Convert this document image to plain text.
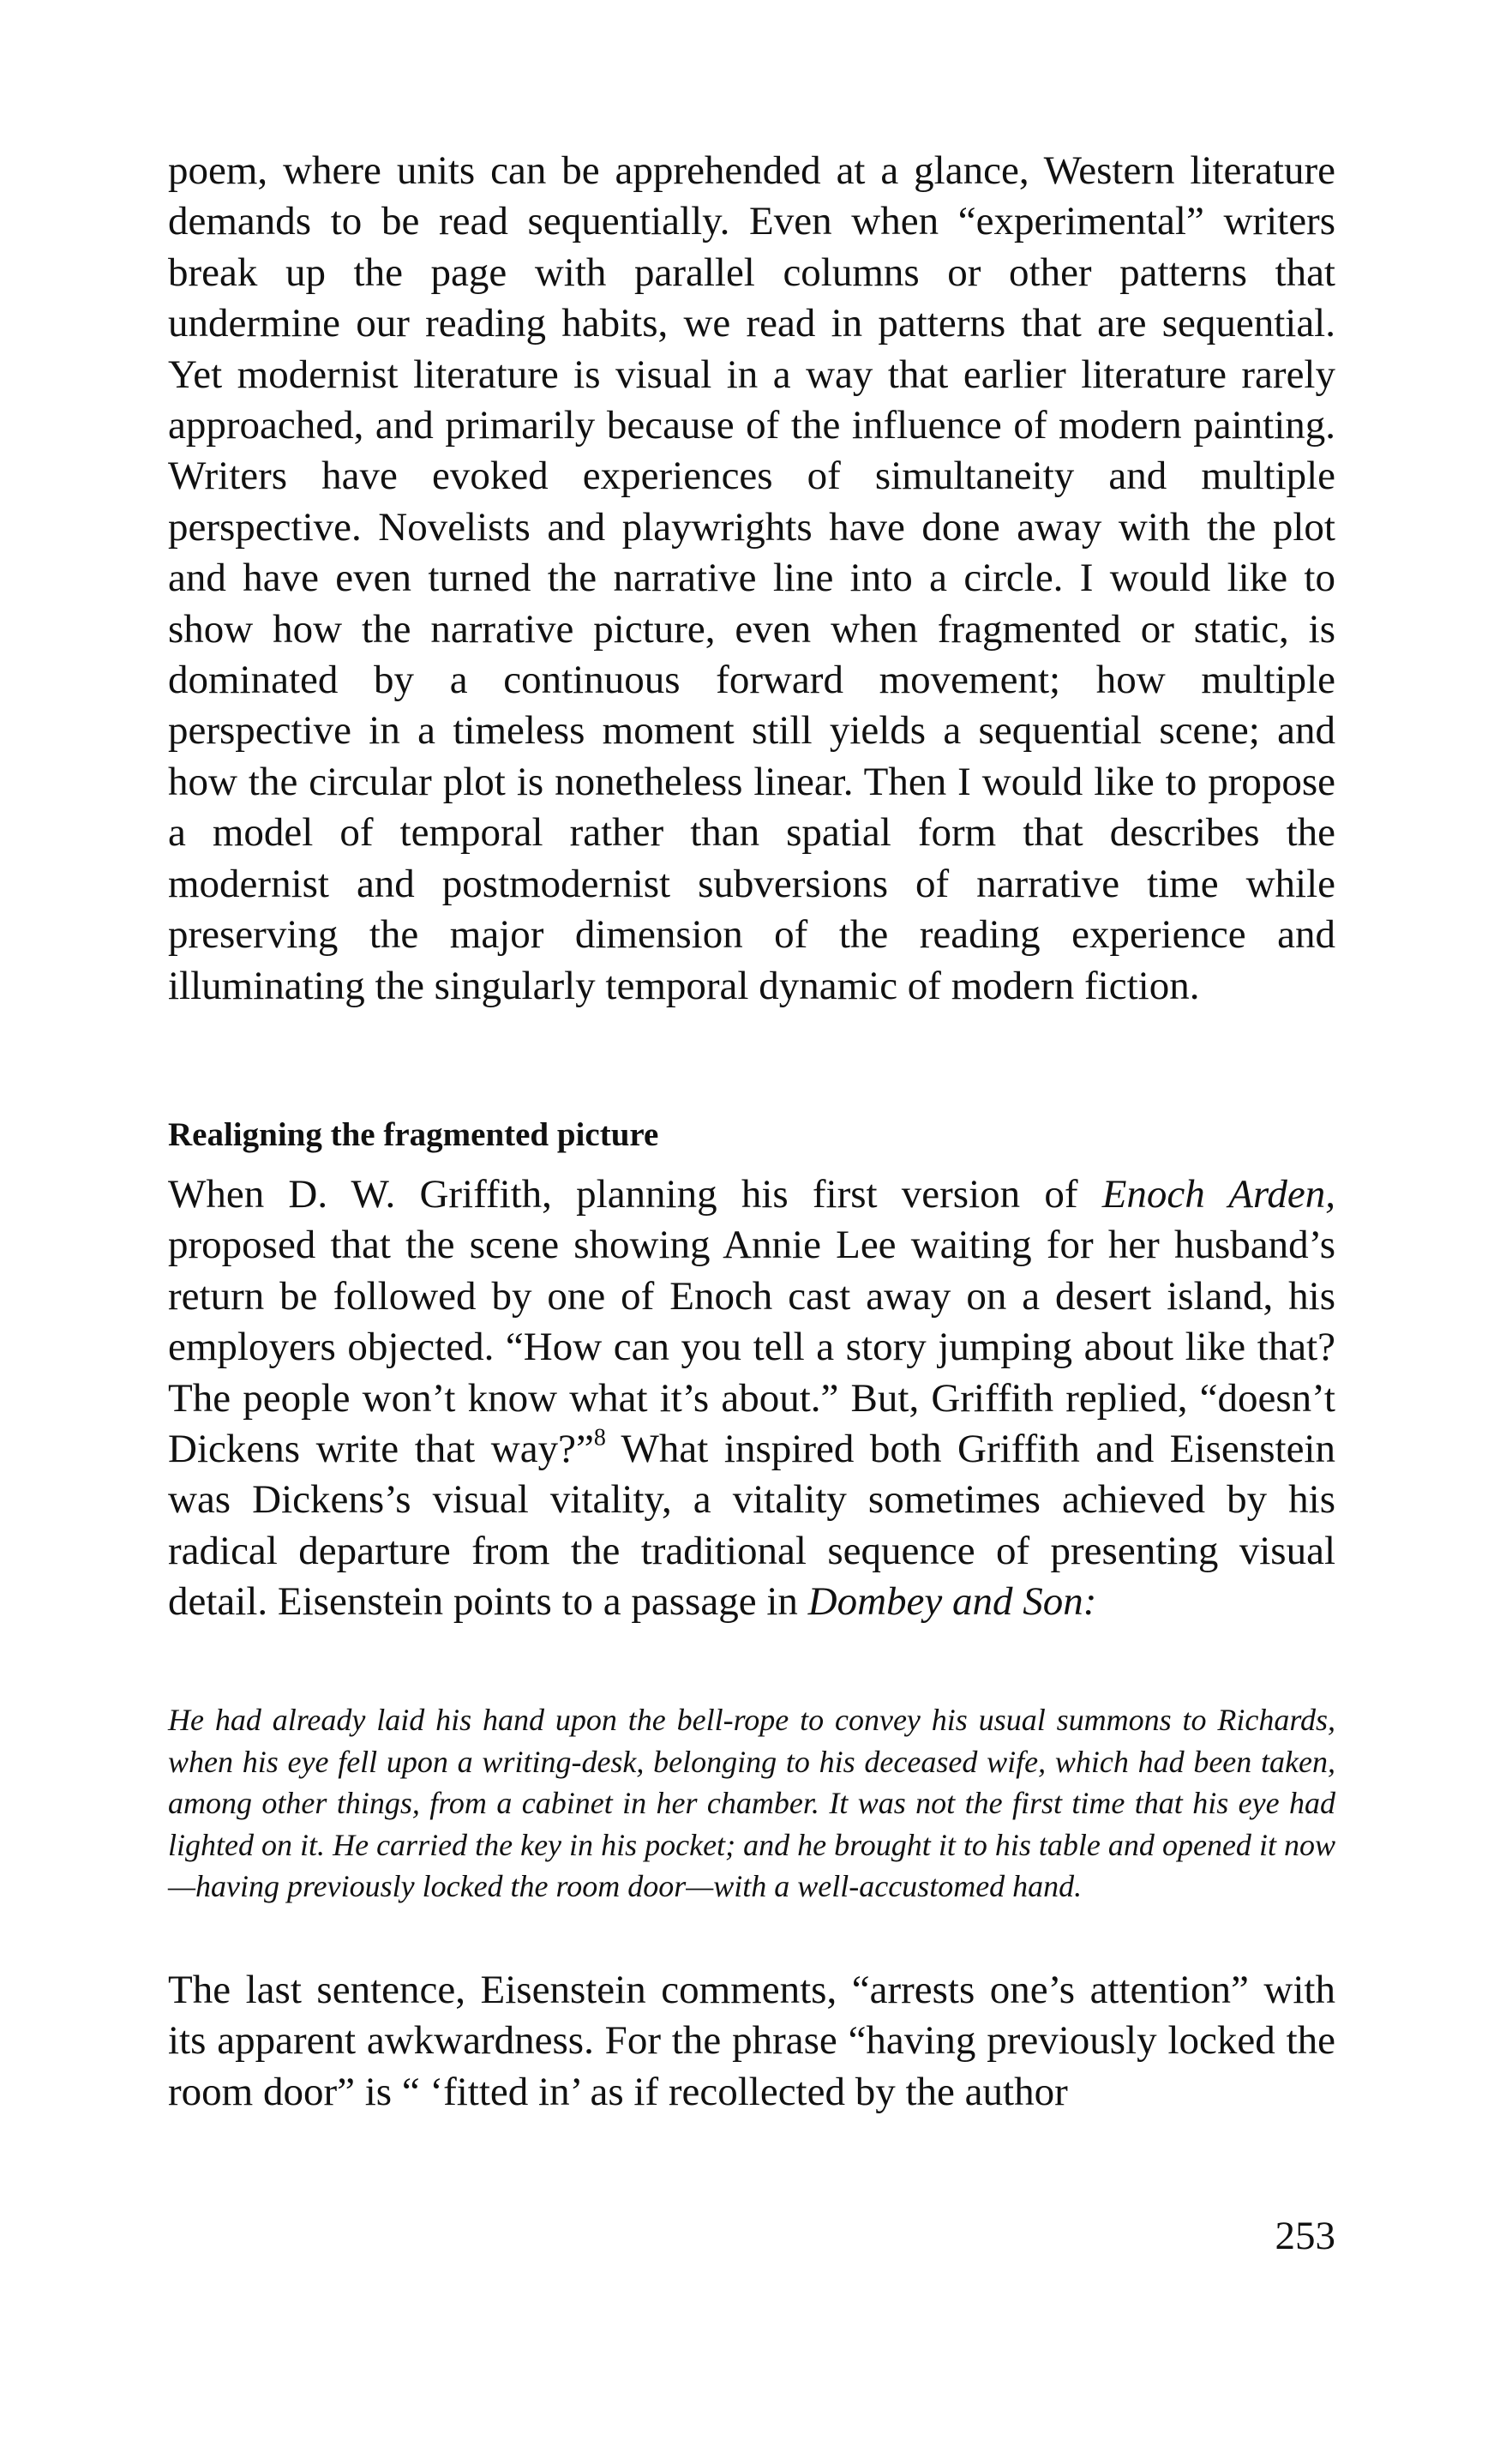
poem, where units can be apprehended at a glance, Western literature demands to be read sequentially. Even when “experimental” writers break up the page with parallel columns or other patterns that undermine our reading habits, we read in patterns that are sequential. Yet modernist literature is visual in a way that earlier literature rarely approached, and primarily because of the influence of modern painting. Writers have evoked experiences of simultaneity and multiple perspective. Novelists and playwrights have done away with the plot and have even turned the narrative line into a circle. I would like to show how the narrative picture, even when fragmented or static, is dominated by a continuous forward movement; how multiple perspective in a timeless moment still yields a sequential scene; and how the circular plot is nonetheless linear. Then I would like to propose a model of temporal rather than spatial form that describes the modernist and postmodernist subversions of narrative time while preserving the major dimension of the reading experience and illuminating the singularly temporal dynamic of modern fiction.

Realigning the fragmented picture

When D. W. Griffith, planning his first version of Enoch Arden, proposed that the scene showing Annie Lee waiting for her husband’s return be followed by one of Enoch cast away on a desert island, his employers objected. “How can you tell a story jumping about like that? The people won’t know what it’s about.” But, Griffith replied, “doesn’t Dickens write that way?”$^8$ What inspired both Griffith and Eisenstein was Dickens’s visual vitality, a vitality sometimes achieved by his radical departure from the traditional sequence of presenting visual detail. Eisenstein points to a passage in Dombey and Son:

He had already laid his hand upon the bell-rope to convey his usual summons to Richards, when his eye fell upon a writing-desk, belonging to his deceased wife, which had been taken, among other things, from a cabinet in her chamber. It was not the first time that his eye had lighted on it. He carried the key in his pocket; and he brought it to his table and opened it now—having previously locked the room door—with a well-accustomed hand.

The last sentence, Eisenstein comments, “arrests one’s attention” with its apparent awkwardness. For the phrase “having previously locked the room door” is “ ‘fitted in’ as if recollected by the author

253
